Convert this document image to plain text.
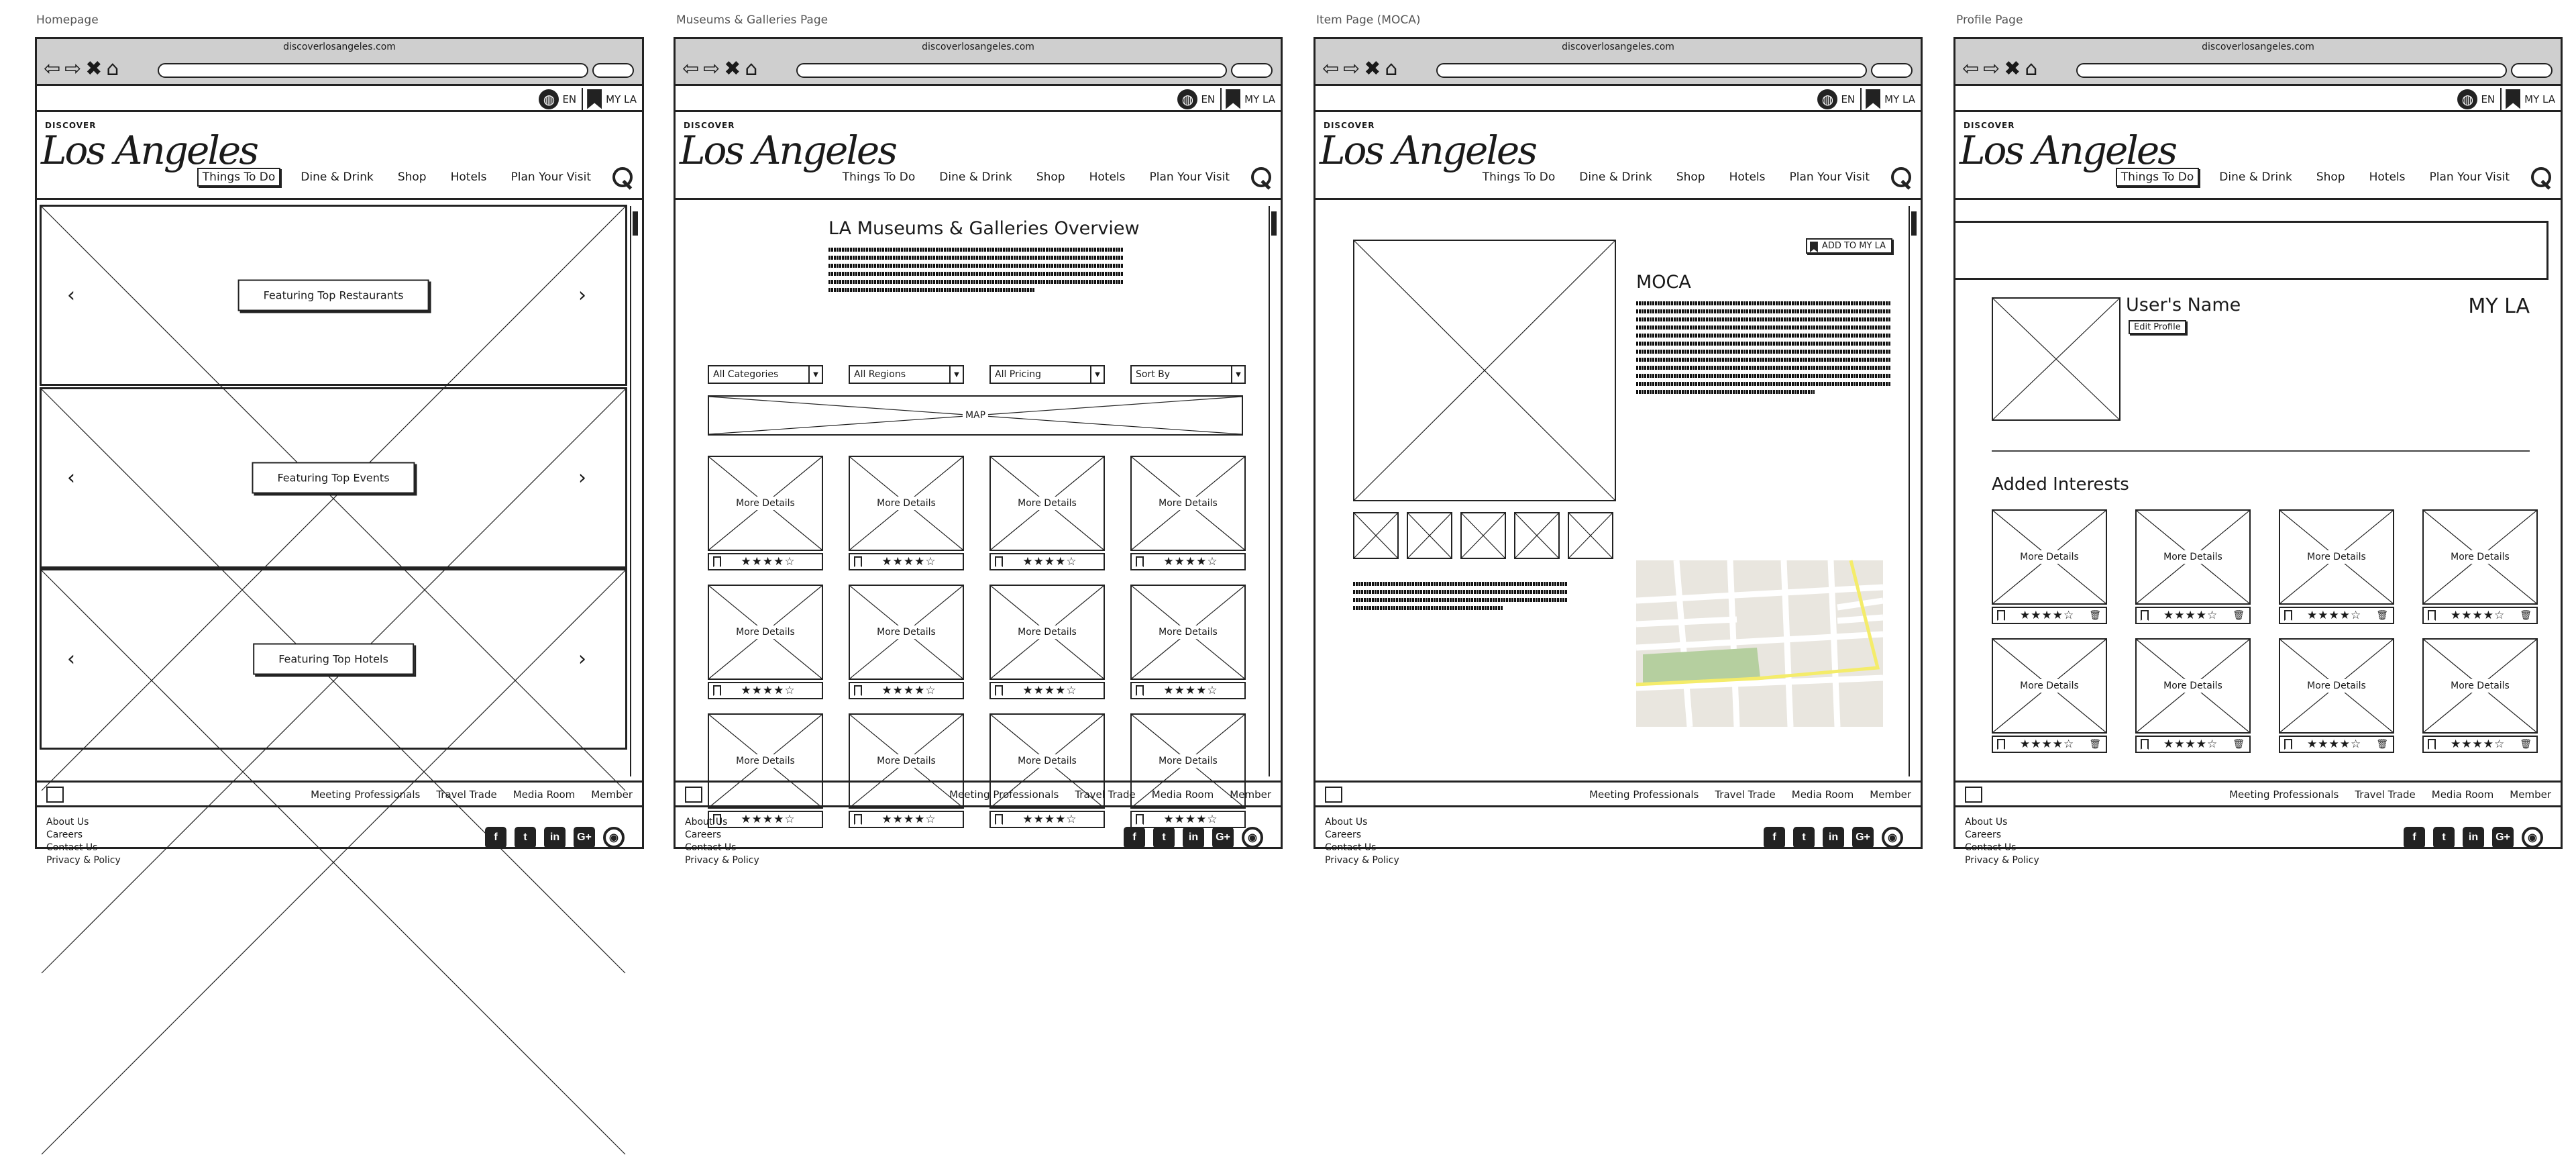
Homepage	Museums & Galleries Page	Item Page (MOCA)	Profile Page
discoverlosangeles.com
⇦ ⇨ ✖ ⌂
◍ EN	MY LA
DISCOVER
Los Angeles
Things To Do	Dine & Drink	Shop	Hotels	Plan Your Visit
‹	›
Featuring Top Restaurants
‹	›
Featuring Top Events
‹	›
Featuring Top Hotels
Meeting Professionals Travel Trade Media Room Member
About Us
Careers
Contact Us
Privacy & Policy
f	t	in	G+	◉
discoverlosangeles.com
⇦ ⇨ ✖ ⌂
◍ EN	MY LA
DISCOVER
Los Angeles
Things To Do	Dine & Drink	Shop	Hotels	Plan Your Visit
LA Museums & Galleries Overview
All Categories	▼	All Regions	▼	All Pricing	▼	Sort By	▼
MAP
More Details
★★★★☆
More Details
★★★★☆
More Details
★★★★☆
More Details
★★★★☆
More Details
★★★★☆
More Details
★★★★☆
More Details
★★★★☆
More Details
★★★★☆
More Details
★★★★☆
More Details
★★★★☆
More Details
★★★★☆
More Details
★★★★☆
Meeting Professionals Travel Trade Media Room Member
About Us
Careers
Contact Us
Privacy & Policy
f	t	in	G+	◉
discoverlosangeles.com
⇦ ⇨ ✖ ⌂
◍ EN	MY LA
DISCOVER
Los Angeles
Things To Do	Dine & Drink	Shop	Hotels	Plan Your Visit
ADD TO MY LA
MOCA
Meeting Professionals Travel Trade Media Room Member
About Us
Careers
Contact Us
Privacy & Policy
f	t	in	G+	◉
discoverlosangeles.com
⇦ ⇨ ✖ ⌂
◍ EN	MY LA
DISCOVER
Los Angeles
Things To Do	Dine & Drink	Shop	Hotels	Plan Your Visit
User's Name
Edit Profile
MY LA
Added Interests
More Details
★★★★☆ 🗑
More Details
★★★★☆ 🗑
More Details
★★★★☆ 🗑
More Details
★★★★☆ 🗑
More Details
★★★★☆ 🗑
More Details
★★★★☆ 🗑
More Details
★★★★☆ 🗑
More Details
★★★★☆ 🗑
Meeting Professionals Travel Trade Media Room Member
About Us
Careers
Contact Us
Privacy & Policy
f	t	in	G+	◉
